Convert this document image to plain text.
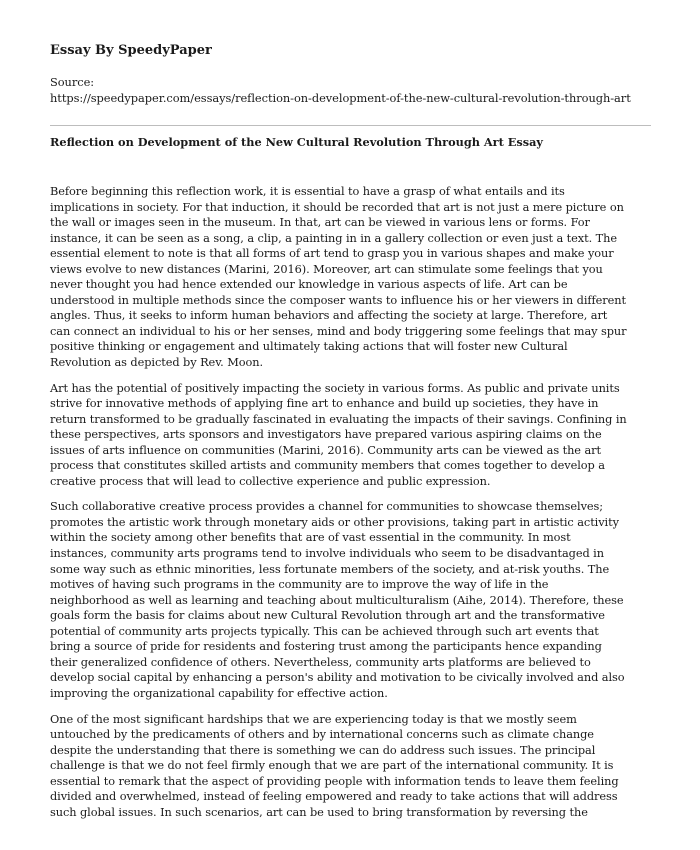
Essay By SpeedyPaper
Source:
https://speedypaper.com/essays/reflection-on-development-of-the-new-cultural-revolution-through-art
Reflection on Development of the New Cultural Revolution Through Art Essay

Before beginning this reflection work, it is essential to have a grasp of what entails and its
implications in society. For that induction, it should be recorded that art is not just a mere picture on
the wall or images seen in the museum. In that, art can be viewed in various lens or forms. For
instance, it can be seen as a song, a clip, a painting in in a gallery collection or even just a text. The
essential element to note is that all forms of art tend to grasp you in various shapes and make your
views evolve to new distances (Marini, 2016). Moreover, art can stimulate some feelings that you
never thought you had hence extended our knowledge in various aspects of life. Art can be
understood in multiple methods since the composer wants to influence his or her viewers in different
angles. Thus, it seeks to inform human behaviors and affecting the society at large. Therefore, art
can connect an individual to his or her senses, mind and body triggering some feelings that may spur
positive thinking or engagement and ultimately taking actions that will foster new Cultural
Revolution as depicted by Rev. Moon.

Art has the potential of positively impacting the society in various forms. As public and private units
strive for innovative methods of applying fine art to enhance and build up societies, they have in
return transformed to be gradually fascinated in evaluating the impacts of their savings. Confining in
these perspectives, arts sponsors and investigators have prepared various aspiring claims on the
issues of arts influence on communities (Marini, 2016). Community arts can be viewed as the art
process that constitutes skilled artists and community members that comes together to develop a
creative process that will lead to collective experience and public expression.

Such collaborative creative process provides a channel for communities to showcase themselves;
promotes the artistic work through monetary aids or other provisions, taking part in artistic activity
within the society among other benefits that are of vast essential in the community. In most
instances, community arts programs tend to involve individuals who seem to be disadvantaged in
some way such as ethnic minorities, less fortunate members of the society, and at-risk youths. The
motives of having such programs in the community are to improve the way of life in the
neighborhood as well as learning and teaching about multiculturalism (Aihe, 2014). Therefore, these
goals form the basis for claims about new Cultural Revolution through art and the transformative
potential of community arts projects typically. This can be achieved through such art events that
bring a source of pride for residents and fostering trust among the participants hence expanding
their generalized confidence of others. Nevertheless, community arts platforms are believed to
develop social capital by enhancing a person's ability and motivation to be civically involved and also
improving the organizational capability for effective action.

One of the most significant hardships that we are experiencing today is that we mostly seem
untouched by the predicaments of others and by international concerns such as climate change
despite the understanding that there is something we can do address such issues. The principal
challenge is that we do not feel firmly enough that we are part of the international community. It is
essential to remark that the aspect of providing people with information tends to leave them feeling
divided and overwhelmed, instead of feeling empowered and ready to take actions that will address
such global issues. In such scenarios, art can be used to bring transformation by reversing the
